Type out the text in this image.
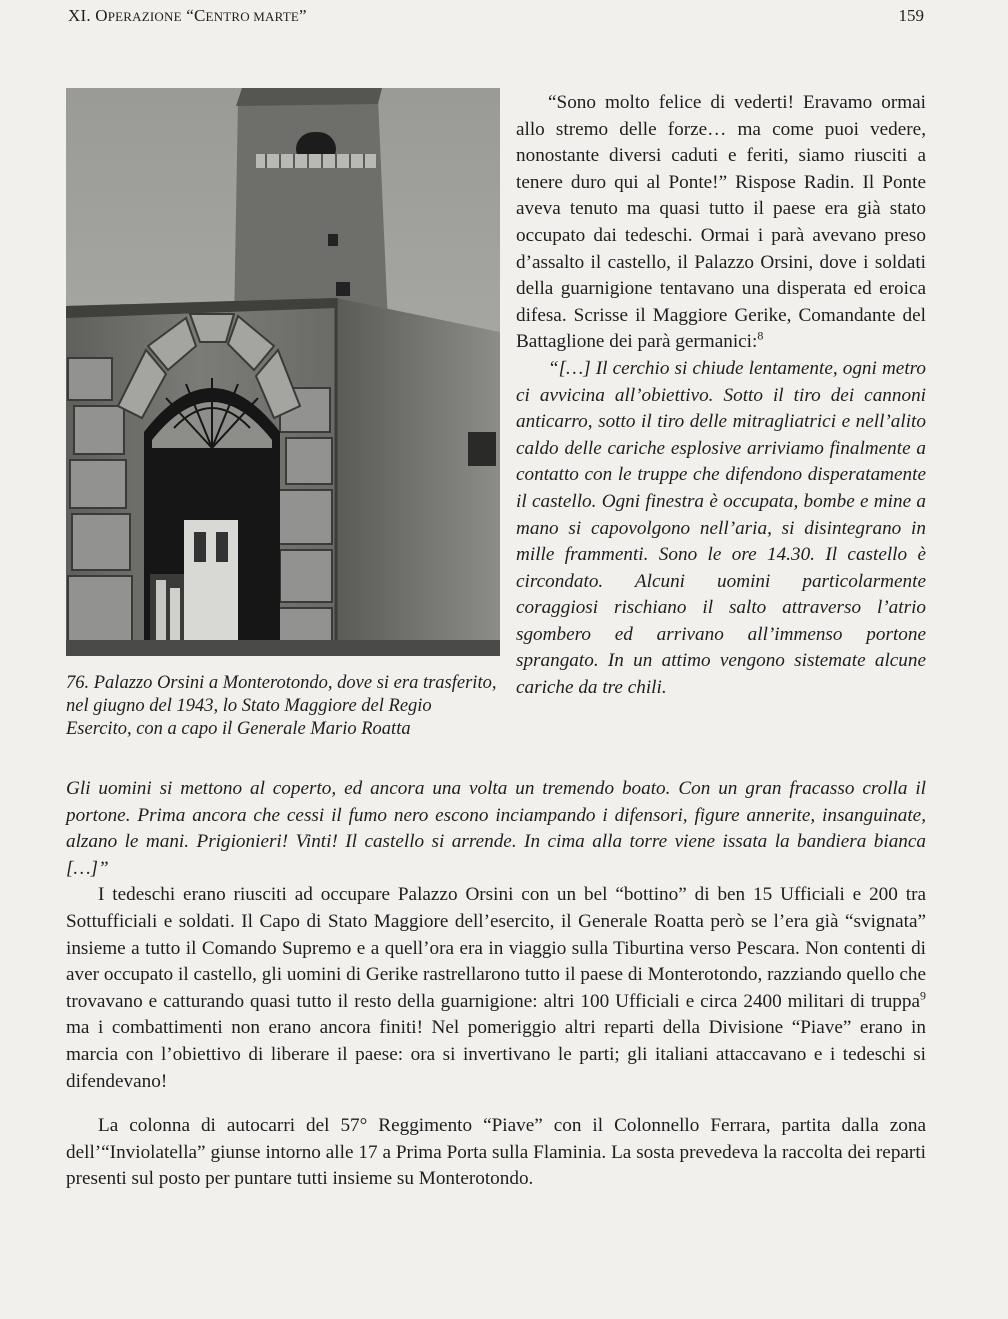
XI. OPERAZIONE “CENTRO MARTE”	159
76. Palazzo Orsini a Monterotondo, dove si era trasferito, nel giugno del 1943, lo Stato Maggiore del Regio Esercito, con a capo il Generale Mario Roatta

“Sono molto felice di vederti! Eravamo ormai allo stremo delle forze… ma come puoi vedere, nonostante diversi caduti e feriti, siamo riusciti a tenere duro qui al Ponte!” Rispose Radin. Il Ponte aveva tenuto ma quasi tutto il paese era già stato occupato dai tedeschi. Ormai i parà avevano preso d’assalto il castello, il Palazzo Orsini, dove i soldati della guarnigione tentavano una disperata ed eroica difesa. Scrisse il Maggiore Gerike, Comandante del Battaglione dei parà germanici:$^8$

“[…] Il cerchio si chiude lentamente, ogni metro ci avvicina all’obiettivo. Sotto il tiro dei cannoni anticarro, sotto il tiro delle mitragliatrici e nell’alito caldo delle cariche esplosive arriviamo finalmente a contatto con le truppe che difendono disperatamente il castello. Ogni finestra è occupata, bombe e mine a mano si capovolgono nell’aria, si disintegrano in mille frammenti. Sono le ore 14.30. Il castello è circondato. Alcuni uomini particolarmente coraggiosi rischiano il salto attraverso l’atrio sgombero ed arrivano all’immenso portone sprangato. In un attimo vengono sistemate alcune cariche da tre chili.

Gli uomini si mettono al coperto, ed ancora una volta un tremendo boato. Con un gran fracasso crolla il portone. Prima ancora che cessi il fumo nero escono inciampando i difensori, figure annerite, insanguinate, alzano le mani. Prigionieri! Vinti! Il castello si arrende. In cima alla torre viene issata la bandiera bianca […]”

I tedeschi erano riusciti ad occupare Palazzo Orsini con un bel “bottino” di ben 15 Ufficiali e 200 tra Sottufficiali e soldati. Il Capo di Stato Maggiore dell’esercito, il Generale Roatta però se l’era già “svignata” insieme a tutto il Comando Supremo e a quell’ora era in viaggio sulla Tiburtina verso Pescara. Non contenti di aver occupato il castello, gli uomini di Gerike rastrellarono tutto il paese di Monterotondo, razziando quello che trovavano e catturando quasi tutto il resto della guarnigione: altri 100 Ufficiali e circa 2400 militari di truppa$^9$ ma i combattimenti non erano ancora finiti! Nel pomeriggio altri reparti della Divisione “Piave” erano in marcia con l’obiettivo di liberare il paese: ora si invertivano le parti; gli italiani attaccavano e i tedeschi si difendevano!

La colonna di autocarri del 57° Reggimento “Piave” con il Colonnello Ferrara, partita dalla zona dell’“Inviolatella” giunse intorno alle 17 a Prima Porta sulla Flaminia. La sosta prevedeva la raccolta dei reparti presenti sul posto per puntare tutti insieme su Monterotondo.
